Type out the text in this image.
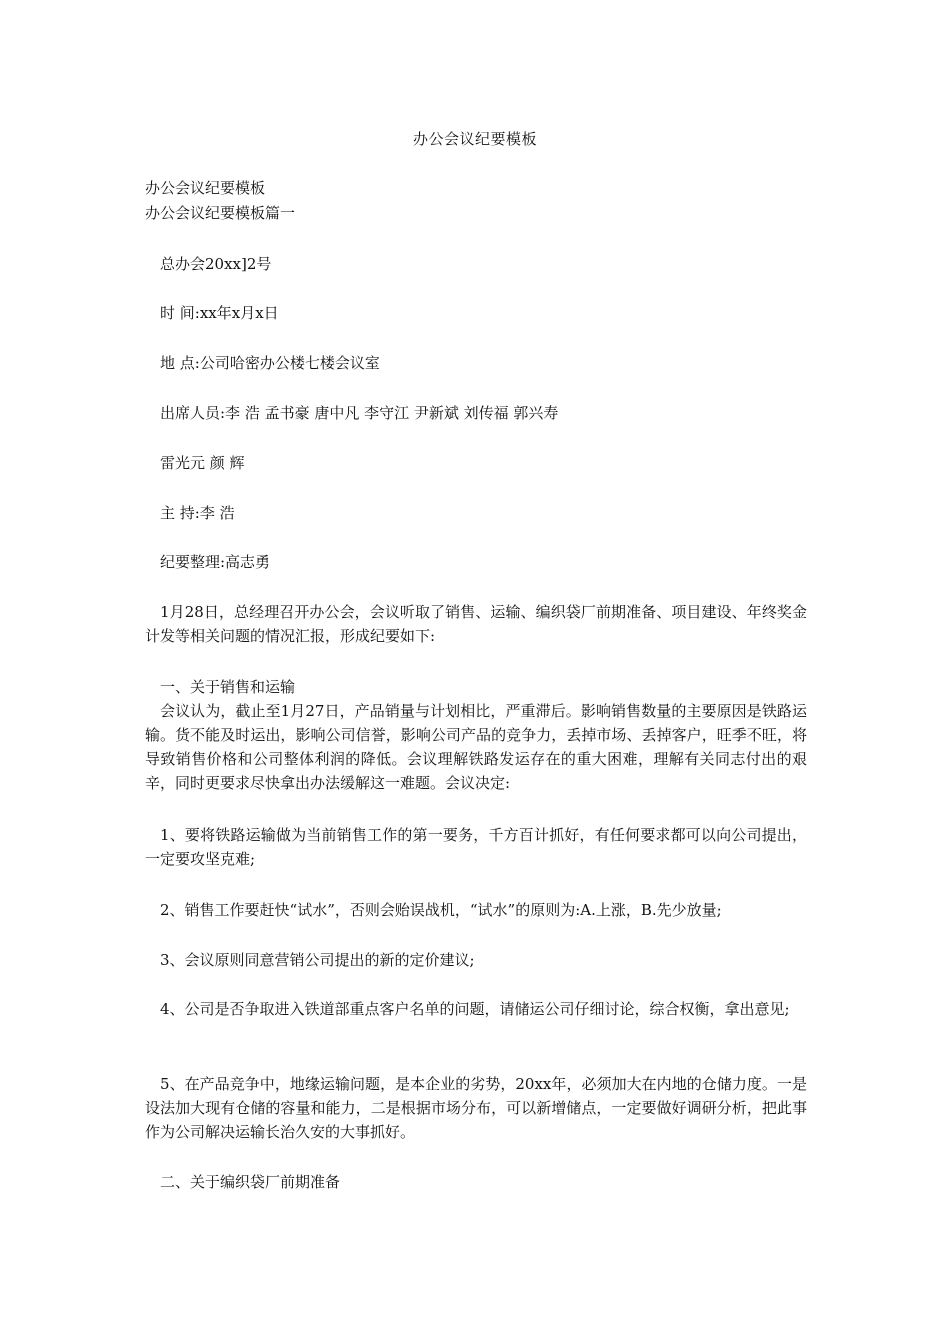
办公会议纪要模板
办公会议纪要模板
办公会议纪要模板篇一
总办会20xx]2号
时 间:xx年x月x日
地 点:公司哈密办公楼七楼会议室
出席人员:李 浩 孟书豪 唐中凡 李守江 尹新斌 刘传福 郭兴寿
雷光元 颜 辉
主 持:李 浩
纪要整理:高志勇
1月28日，总经理召开办公会，会议听取了销售、运输、编织袋厂前期准备、项目建设、年终奖金计发等相关问题的情况汇报，形成纪要如下:
一、关于销售和运输
会议认为，截止至1月27日，产品销量与计划相比，严重滞后。影响销售数量的主要原因是铁路运输。货不能及时运出，影响公司信誉，影响公司产品的竞争力，丢掉市场、丢掉客户，旺季不旺，将导致销售价格和公司整体利润的降低。会议理解铁路发运存在的重大困难，理解有关同志付出的艰辛，同时更要求尽快拿出办法缓解这一难题。会议决定:
1、要将铁路运输做为当前销售工作的第一要务，千方百计抓好，有任何要求都可以向公司提出，一定要攻坚克难;
2、销售工作要赶快“试水”，否则会贻误战机，“试水”的原则为:A.上涨，B.先少放量;
3、会议原则同意营销公司提出的新的定价建议;
4、公司是否争取进入铁道部重点客户名单的问题，请储运公司仔细讨论，综合权衡，拿出意见;
5、在产品竞争中，地缘运输问题，是本企业的劣势，20xx年，必须加大在内地的仓储力度。一是设法加大现有仓储的容量和能力，二是根据市场分布，可以新增储点，一定要做好调研分析，把此事作为公司解决运输长治久安的大事抓好。
二、关于编织袋厂前期准备
